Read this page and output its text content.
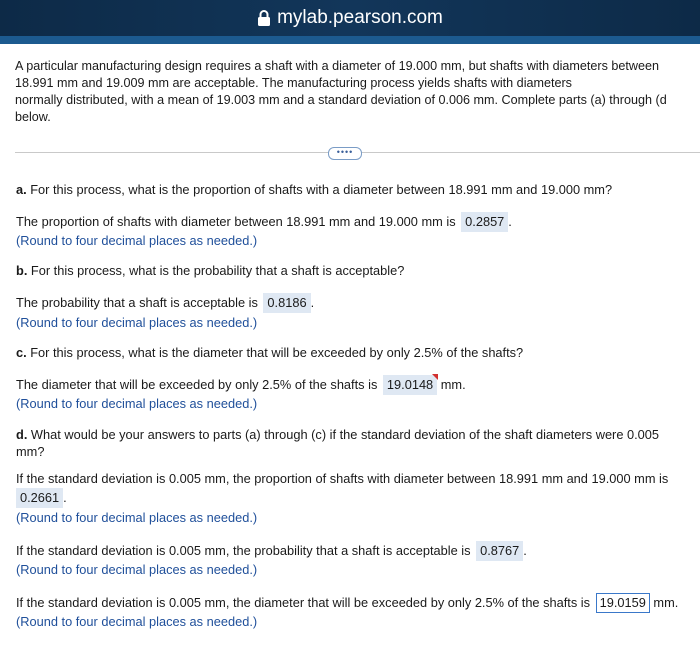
mylab.pearson.com
A particular manufacturing design requires a shaft with a diameter of 19.000 mm, but shafts with diameters between
18.991 mm and 19.009 mm are acceptable. The manufacturing process yields shafts with diameters
normally distributed, with a mean of 19.003 mm and a standard deviation of 0.006 mm. Complete parts (a) through (d
below.
••••
a. For this process, what is the proportion of shafts with a diameter between 18.991 mm and 19.000 mm?
The proportion of shafts with diameter between 18.991 mm and 19.000 mm is 0.2857 .
(Round to four decimal places as needed.)
b. For this process, what is the probability that a shaft is acceptable?
The probability that a shaft is acceptable is 0.8186 .
(Round to four decimal places as needed.)
c. For this process, what is the diameter that will be exceeded by only 2.5% of the shafts?
The diameter that will be exceeded by only 2.5% of the shafts is 19.0148 mm.
(Round to four decimal places as needed.)
d. What would be your answers to parts (a) through (c) if the standard deviation of the shaft diameters were 0.005
mm?
If the standard deviation is 0.005 mm, the proportion of shafts with diameter between 18.991 mm and 19.000 mm is
0.2661 .
(Round to four decimal places as needed.)
If the standard deviation is 0.005 mm, the probability that a shaft is acceptable is 0.8767 .
(Round to four decimal places as needed.)
If the standard deviation is 0.005 mm, the diameter that will be exceeded by only 2.5% of the shafts is 19.0159 mm.
(Round to four decimal places as needed.)
